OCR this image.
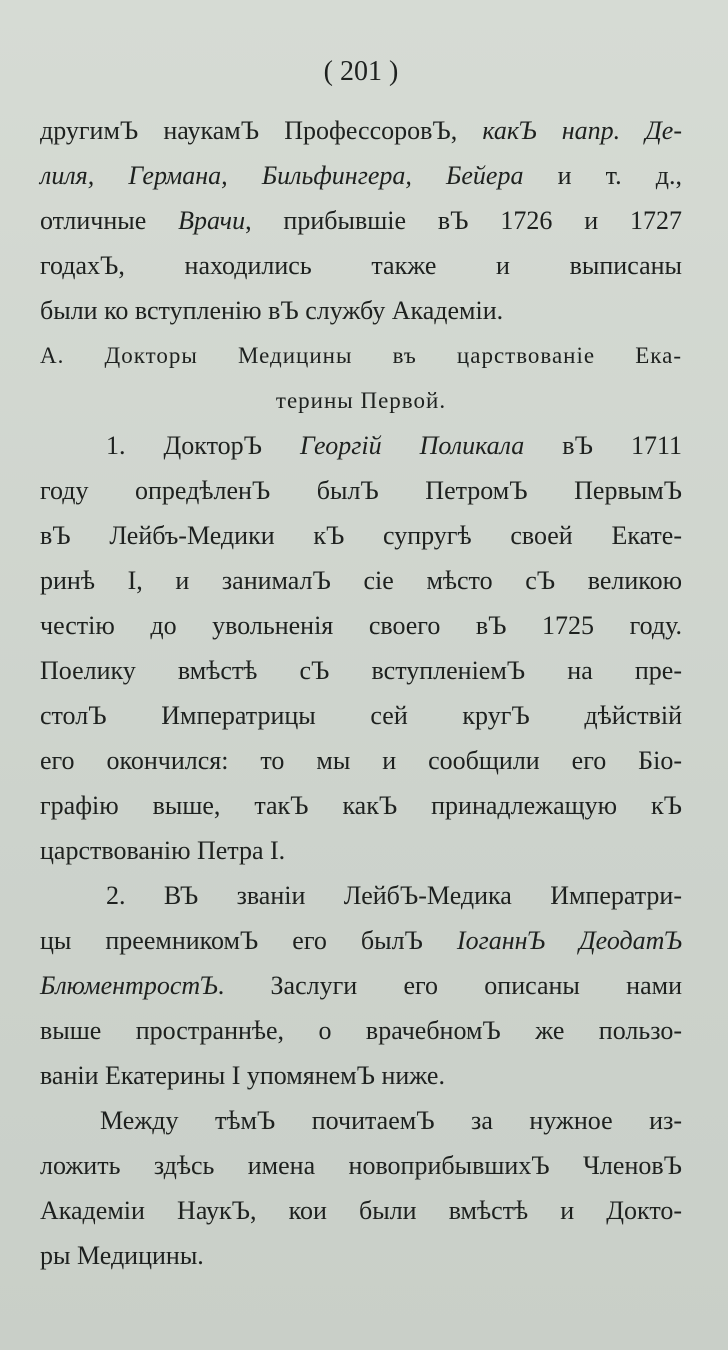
( 201 )
другимЪ наукамЪ ПрофессоровЪ, какЪ напр. Де-
лиля, Германа, Бильфингера, Бейера и т. д.,
отличные Врачи, прибывшіе вЪ 1726 и 1727
годахЪ, находились также и выписаны
были ко вступленію вЪ службу Академіи.
А. Докторы Медицины въ царствованіе Ека-
терины Первой.
1. ДокторЪ Георгій Поликала вЪ 1711
году опредѣленЪ былЪ ПетромЪ ПервымЪ
вЪ Лейбъ-Медики кЪ супругѣ своей Екате-
ринѣ I, и занималЪ сіе мѣсто сЪ великою
честію до увольненія своего вЪ 1725 году.
Поелику вмѣстѣ сЪ вступленіемЪ на пре-
столЪ Императрицы сей кругЪ дѣйствій
его окончился: то мы и сообщили его Біо-
графію выше, такЪ какЪ принадлежащую кЪ
царствованію Петра I.
2. ВЪ званіи ЛейбЪ-Медика Императри-
цы преемникомЪ его былЪ ІоганнЪ ДеодатЪ
БлюментростЪ. Заслуги его описаны нами
выше пространнѣе, о врачебномЪ же пользо-
ваніи Екатерины I упомянемЪ ниже.
Между тѣмЪ почитаемЪ за нужное из-
ложить здѣсь имена новоприбывшихЪ ЧленовЪ
Академіи НаукЪ, кои были вмѣстѣ и Докто-
ры Медицины.
